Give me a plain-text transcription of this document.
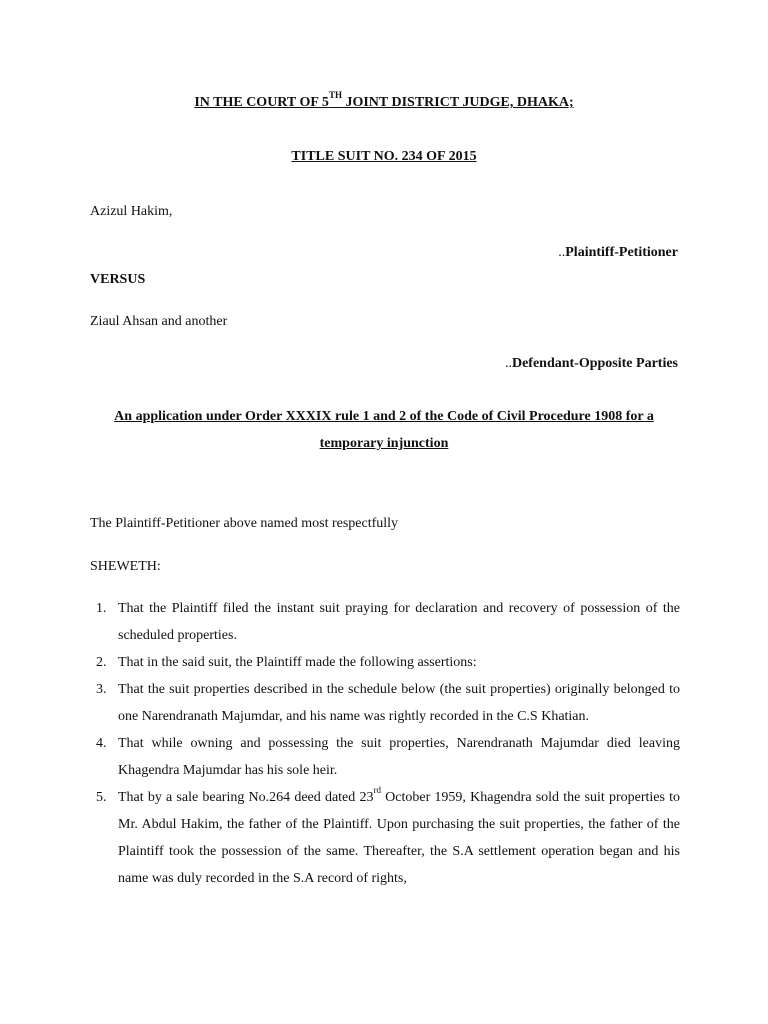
IN THE COURT OF 5TH JOINT DISTRICT JUDGE, DHAKA;
TITLE SUIT NO. 234 OF 2015
Azizul Hakim,
..Plaintiff-Petitioner
VERSUS
Ziaul Ahsan and another
..Defendant-Opposite Parties
An application under Order XXXIX rule 1 and 2 of the Code of Civil Procedure 1908 for a
temporary injunction
The Plaintiff-Petitioner above named most respectfully
SHEWETH:
1. That the Plaintiff filed the instant suit praying for declaration and recovery of possession of the scheduled properties.
2. That in the said suit, the Plaintiff made the following assertions:
3. That the suit properties described in the schedule below (the suit properties) originally belonged to one Narendranath Majumdar, and his name was rightly recorded in the C.S Khatian.
4. That while owning and possessing the suit properties, Narendranath Majumdar died leaving Khagendra Majumdar has his sole heir.
5. That by a sale bearing No.264 deed dated 23rd October 1959, Khagendra sold the suit properties to Mr. Abdul Hakim, the father of the Plaintiff. Upon purchasing the suit properties, the father of the Plaintiff took the possession of the same. Thereafter, the S.A settlement operation began and his name was duly recorded in the S.A record of rights,
